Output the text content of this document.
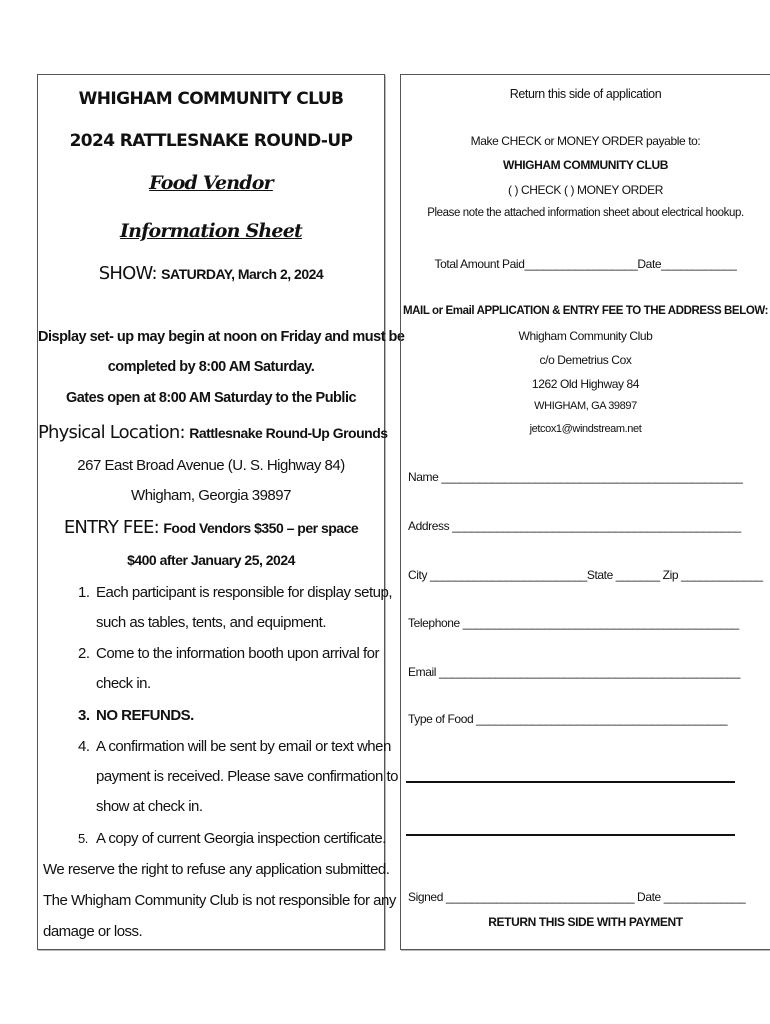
WHIGHAM COMMUNITY CLUB
2024 RATTLESNAKE ROUND-UP
Food Vendor
Information Sheet
SHOW: SATURDAY, March 2, 2024
Display set- up may begin at noon on Friday and must be
completed by 8:00 AM Saturday.
Gates open at 8:00 AM Saturday to the Public
Physical Location: Rattlesnake Round-Up Grounds
267 East Broad Avenue (U. S. Highway 84)
Whigham, Georgia 39897
ENTRY FEE: Food Vendors $350 – per space
$400 after January 25, 2024
1. Each participant is responsible for display setup,
such as tables, tents, and equipment.
2. Come to the information booth upon arrival for
check in.
3. NO REFUNDS.
4. A confirmation will be sent by email or text when
payment is received. Please save confirmation to
show at check in.
5. A copy of current Georgia inspection certificate.
We reserve the right to refuse any application submitted.
The Whigham Community Club is not responsible for any
damage or loss.
Return this side of application
Make CHECK or MONEY ORDER payable to:
WHIGHAM COMMUNITY CLUB
( ) CHECK ( ) MONEY ORDER
Please note the attached information sheet about electrical hookup.
Total Amount Paid__________________Date____________
MAIL or Email APPLICATION & ENTRY FEE TO THE ADDRESS BELOW:
Whigham Community Club
c/o Demetrius Cox
1262 Old Highway 84
WHIGHAM, GA 39897
jetcox1@windstream.net
Name ________________________________________________
Address ______________________________________________
City _________________________State _______ Zip _____________
Telephone ____________________________________________
Email ________________________________________________
Type of Food ________________________________________
Signed ______________________________ Date _____________
RETURN THIS SIDE WITH PAYMENT
